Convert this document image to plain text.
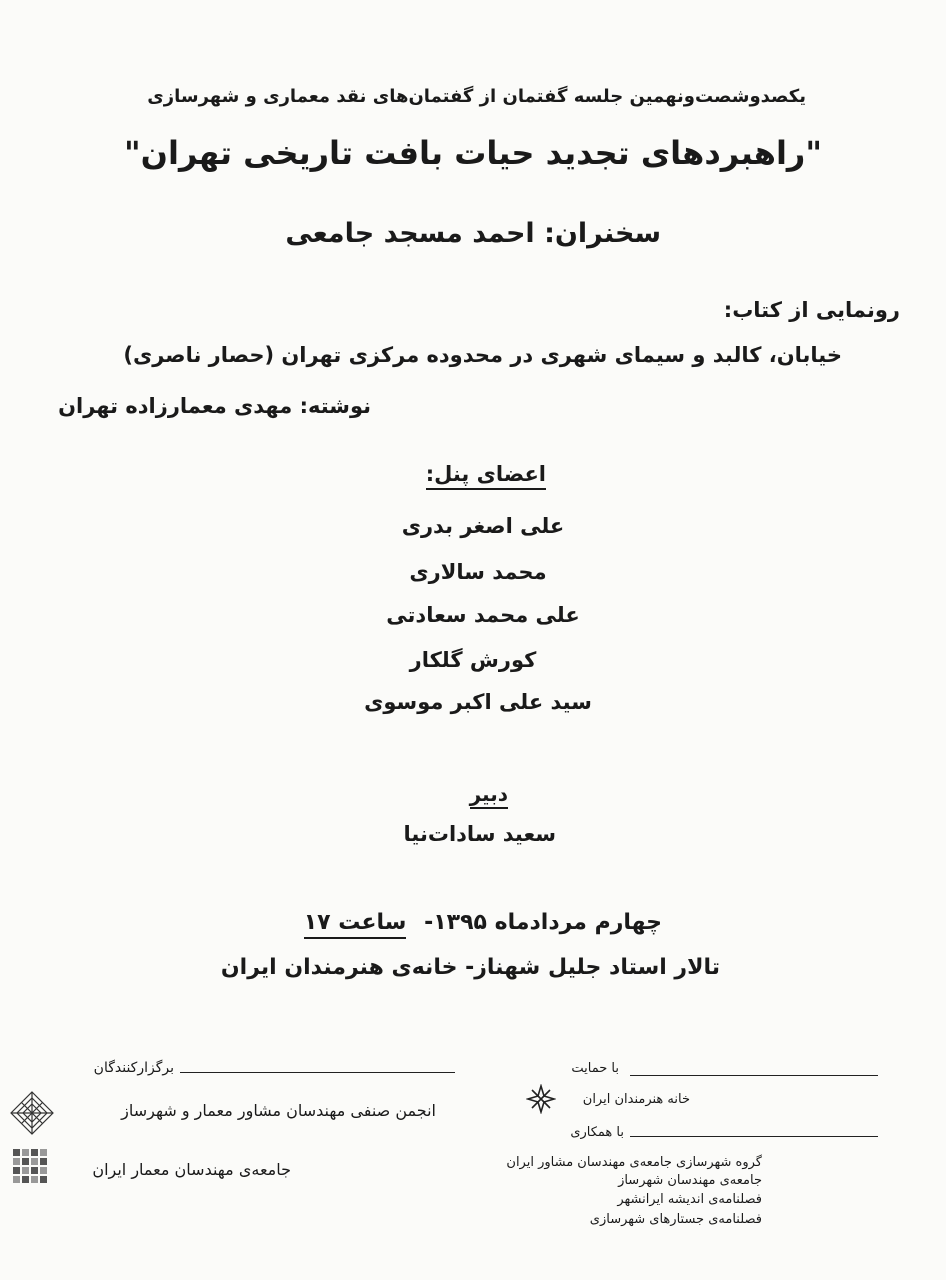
یکصدوشصت‌ونهمین جلسه گفتمان از گفتمان‌های نقد معماری و شهرسازی
"راهبردهای تجدید حیات بافت تاریخی تهران"
سخنران: احمد مسجد جامعی
رونمایی از کتاب:
خیابان، کالبد و سیمای شهری در محدوده مرکزی تهران (حصار ناصری)
نوشته: مهدی معمارزاده تهران
اعضای پنل:
علی اصغر بدری
محمد سالاری
علی محمد سعادتی
کورش گلکار
سید علی اکبر موسوی
دبیر
سعید سادات‌نیا
چهارم مردادماه ۱۳۹۵- ساعت ۱۷
تالار استاد جلیل شهناز- خانه‌ی هنرمندان ایران
برگزارکنندگان
انجمن صنفی مهندسان مشاور معمار و شهرساز
جامعه‌ی مهندسان معمار ایران
با حمایت
خانه هنرمندان ایران
با همکاری
گروه شهرسازی جامعه‌ی مهندسان مشاور ایران
جامعه‌ی مهندسان شهرساز
فصلنامه‌ی اندیشه ایرانشهر
فصلنامه‌ی جستارهای شهرسازی
